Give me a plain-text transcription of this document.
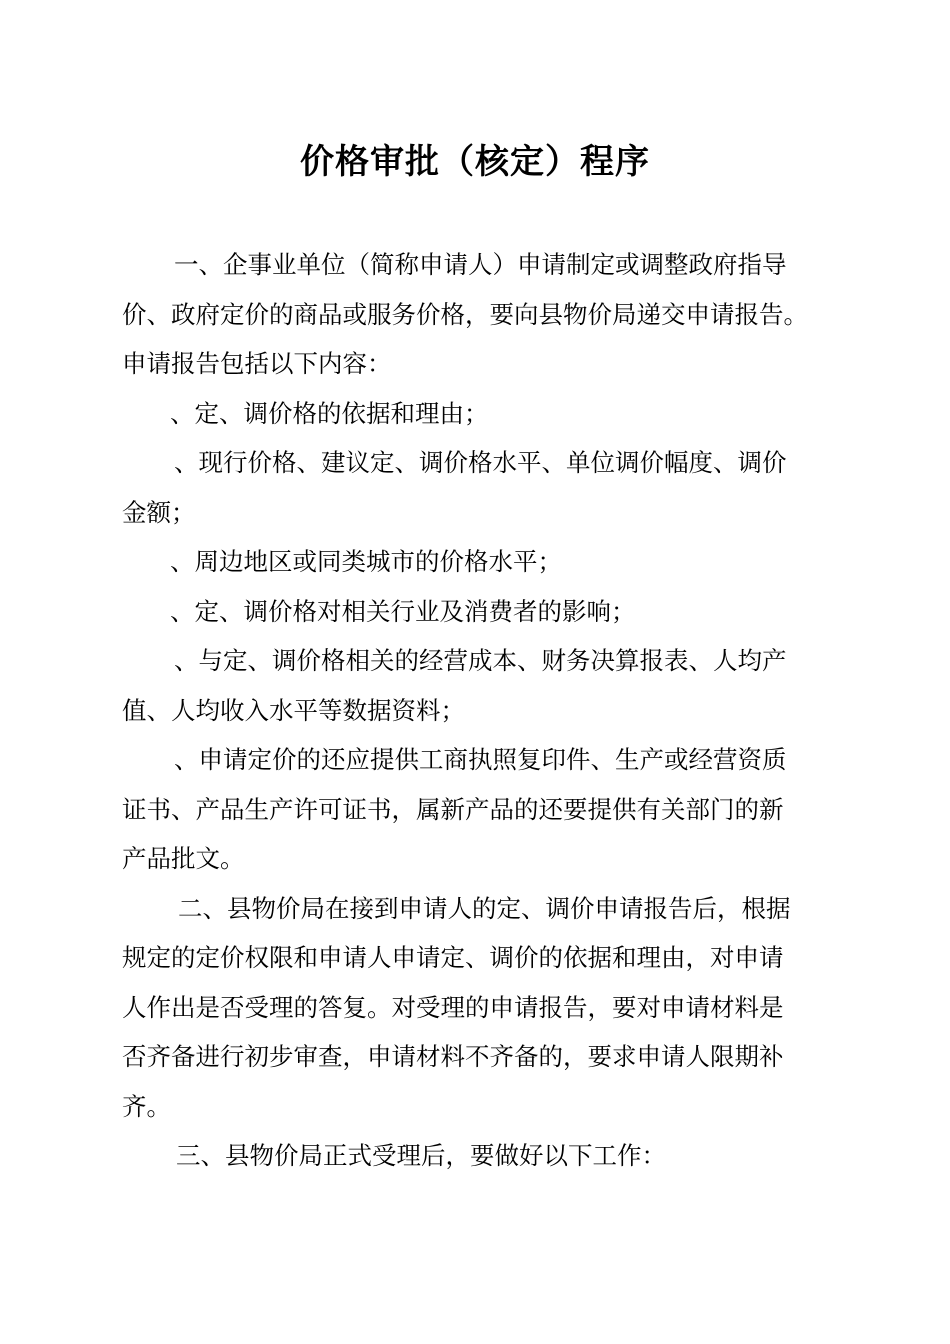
价格审批（核定）程序
一、企事业单位（简称申请人）申请制定或调整政府指导
价、政府定价的商品或服务价格，要向县物价局递交申请报告。
申请报告包括以下内容：
、定、调价格的依据和理由；
、现行价格、建议定、调价格水平、单位调价幅度、调价
金额；
、周边地区或同类城市的价格水平；
、定、调价格对相关行业及消费者的影响；
、与定、调价格相关的经营成本、财务决算报表、人均产
值、人均收入水平等数据资料；
、申请定价的还应提供工商执照复印件、生产或经营资质
证书、产品生产许可证书，属新产品的还要提供有关部门的新
产品批文。
二、县物价局在接到申请人的定、调价申请报告后，根据
规定的定价权限和申请人申请定、调价的依据和理由，对申请
人作出是否受理的答复。对受理的申请报告，要对申请材料是
否齐备进行初步审查，申请材料不齐备的，要求申请人限期补
齐。
三、县物价局正式受理后，要做好以下工作：
